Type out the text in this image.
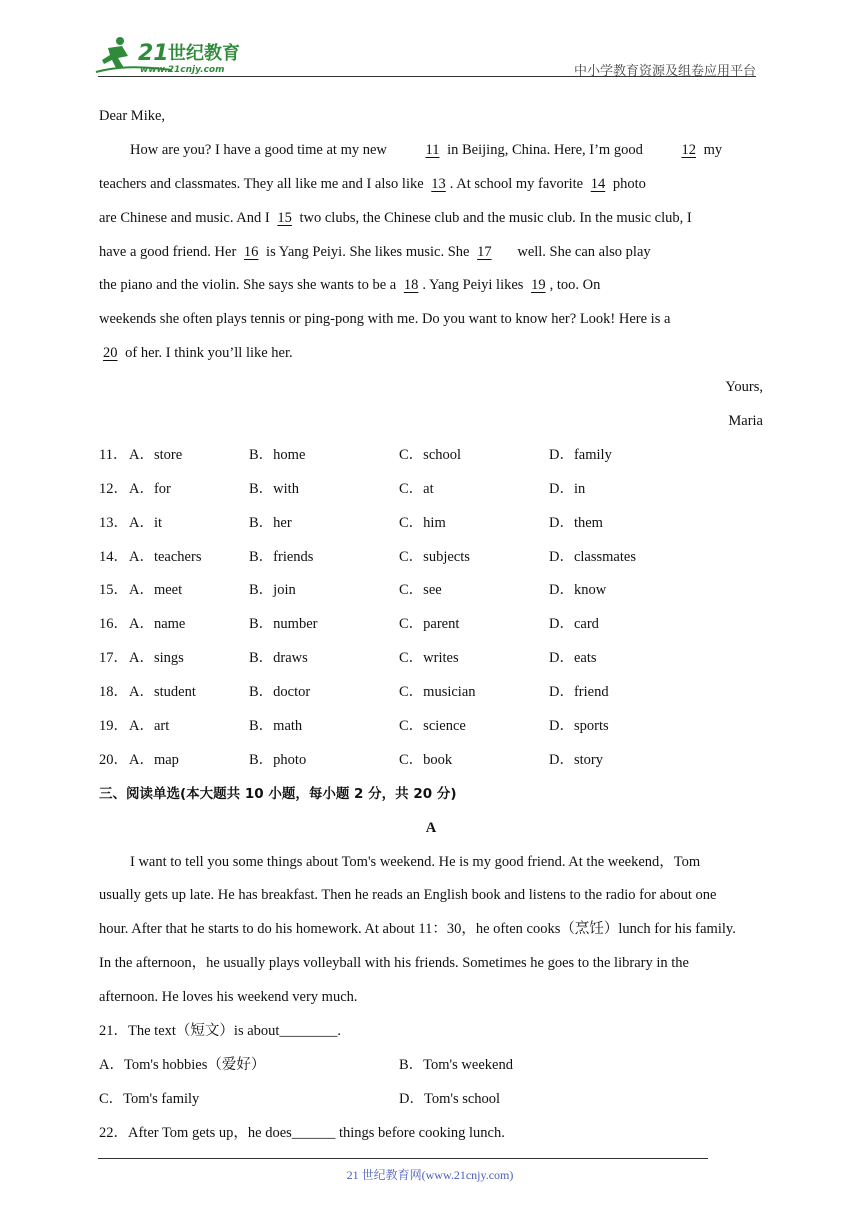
21 世纪教育
www.21cnjy.com	中小学教育资源及组卷应用平台
Dear Mike,
How are you? I have a good time at my new 11 in Beijing, China. Here, I’m good 12 my
teachers and classmates. They all like me and I also like 13 . At school my favorite 14 photo
are Chinese and music. And I 15 two clubs, the Chinese club and the music club. In the music club, I
have a good friend. Her 16 is Yang Peiyi. She likes music. She 17      well. She can also play
the piano and the violin. She says she wants to be a 18 . Yang Peiyi likes 19 , too. On
weekends she often plays tennis or ping-pong with me. Do you want to know her? Look! Here is a
20 of her. I think you’ll like her.
Yours,
Maria
11． A．store	B．home	C．school	D．family
12．A．for	B．with	C．at	D．in
13．A．it	B．her	C．him	D．them
14．A．teachers	B．friends	C．subjects	D．classmates
15．A．meet	B．join	C．see	D．know
16．A．name	B．number	C．parent	D．card
17．A．sings	B．draws	C．writes	D．eats
18．A．student	B．doctor	C．musician	D．friend
19．A．art	B．math	C．science	D．sports
20．A．map	B．photo	C．book	D．story
三、阅读单选(本大题共 10 小题，每小题 2 分，共 20 分)
A
I want to tell you some things about Tom's weekend. He is my good friend. At the weekend，Tom
usually gets up late. He has breakfast. Then he reads an English book and listens to the radio for about one
hour. After that he starts to do his homework. At about 11：30，he often cooks（烹饪）lunch for his family.
In the afternoon，he usually plays volleyball with his friends. Sometimes he goes to the library in the
afternoon. He loves his weekend very much.
21．The text（短文）is about________.
A．Tom's hobbies（爱好）	B．Tom's weekend
C．Tom's family	D．Tom's school
22．After Tom gets up，he does______ things before cooking lunch.
21 世纪教育网(www.21cnjy.com)
